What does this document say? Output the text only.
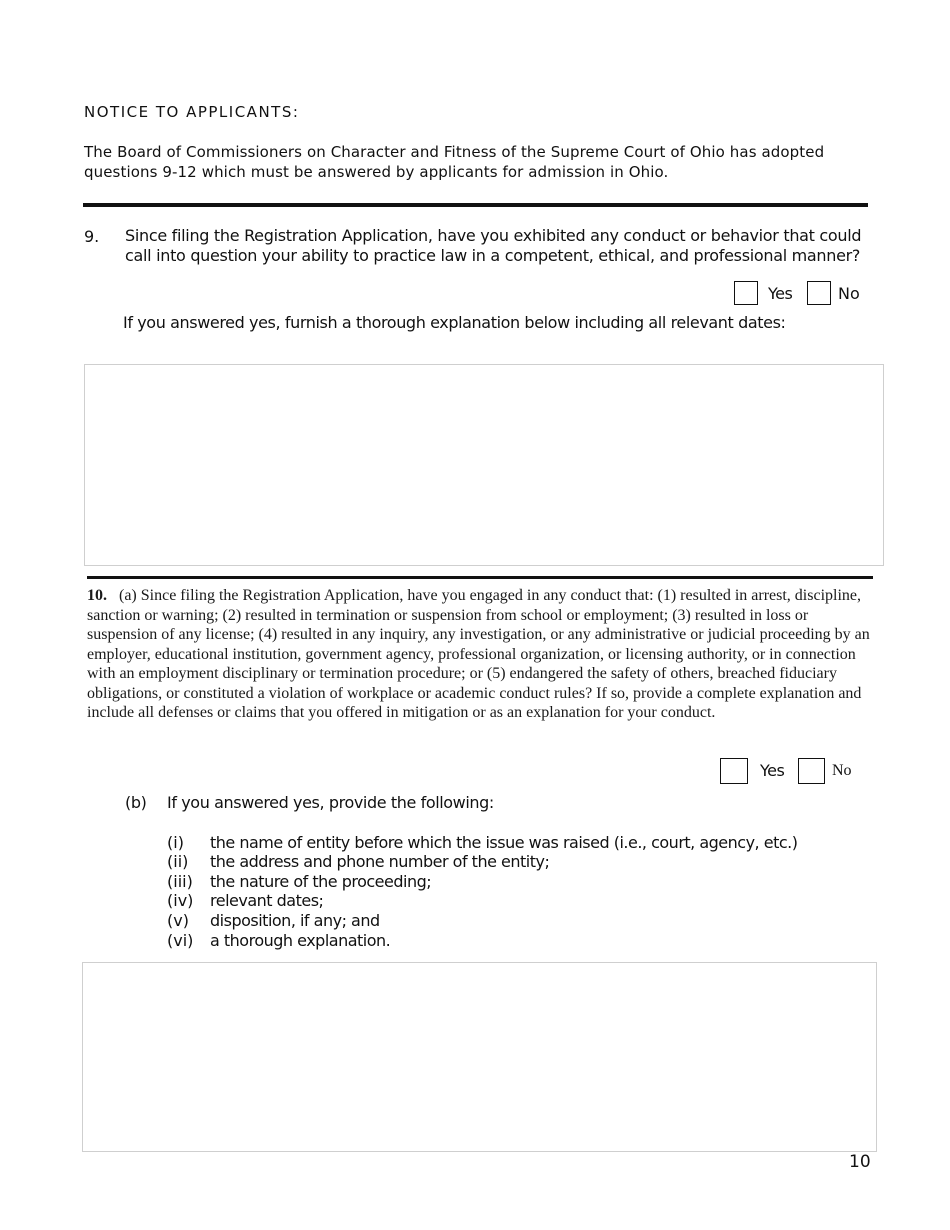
NOTICE TO APPLICANTS:
The Board of Commissioners on Character and Fitness of the Supreme Court of Ohio has adopted questions 9-12 which must be answered by applicants for admission in Ohio.
9. Since filing the Registration Application, have you exhibited any conduct or behavior that could call into question your ability to practice law in a competent, ethical, and professional manner?
Yes	No
If you answered yes, furnish a thorough explanation below including all relevant dates:
10. (a) Since filing the Registration Application, have you engaged in any conduct that: (1) resulted in arrest, discipline, sanction or warning; (2) resulted in termination or suspension from school or employment; (3) resulted in loss or suspension of any license; (4) resulted in any inquiry, any investigation, or any administrative or judicial proceeding by an employer, educational institution, government agency, professional organization, or licensing authority, or in connection with an employment disciplinary or termination procedure; or (5) endangered the safety of others, breached fiduciary obligations, or constituted a violation of workplace or academic conduct rules? If so, provide a complete explanation and include all defenses or claims that you offered in mitigation or as an explanation for your conduct.
Yes	No
(b) If you answered yes, provide the following:
(i) the name of entity before which the issue was raised (i.e., court, agency, etc.)
(ii) the address and phone number of the entity;
(iii) the nature of the proceeding;
(iv) relevant dates;
(v) disposition, if any; and
(vi) a thorough explanation.
10
